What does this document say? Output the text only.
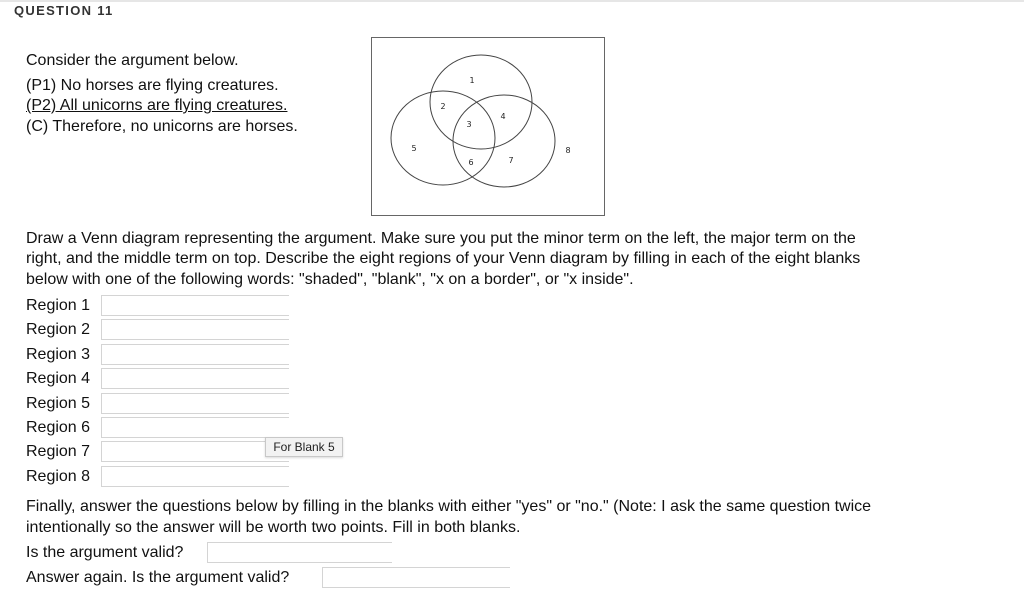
QUESTION 11
Consider the argument below.
(P1) No horses are flying creatures.
(P2) All unicorns are flying creatures.
(C) Therefore, no unicorns are horses.
1
2
3
4
5
6	7
8
Draw a Venn diagram representing the argument. Make sure you put the minor term on the left, the major term on the
right, and the middle term on top. Describe the eight regions of your Venn diagram by filling in each of the eight blanks
below with one of the following words: "shaded", "blank", "x on a border", or "x inside".
Region 1
Region 2
Region 3
Region 4
Region 5
Region 6
Region 7
Region 8
For Blank 5
Finally, answer the questions below by filling in the blanks with either "yes" or "no." (Note: I ask the same question twice
intentionally so the answer will be worth two points. Fill in both blanks.
Is the argument valid?
Answer again. Is the argument valid?
